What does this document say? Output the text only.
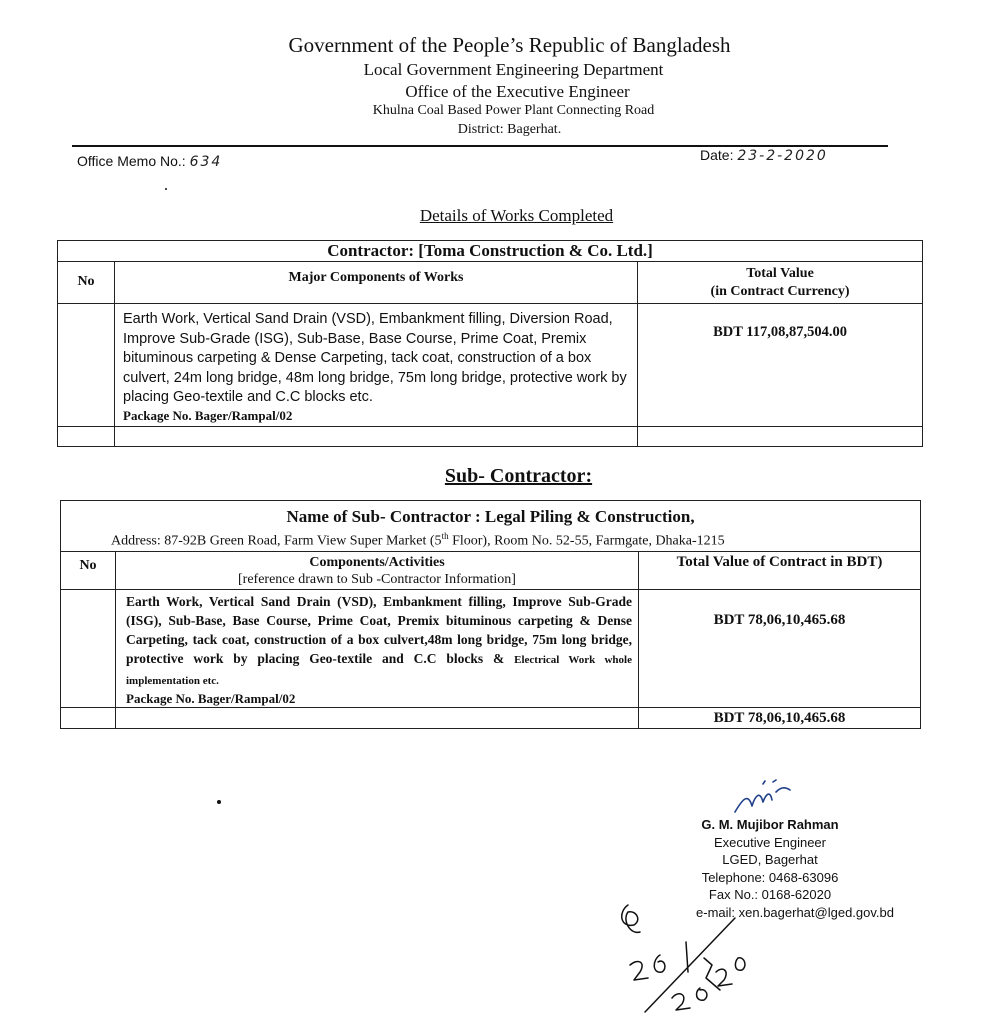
Government of the People’s Republic of Bangladesh
Local Government Engineering Department
Office of the Executive Engineer
Khulna Coal Based Power Plant Connecting Road
District: Bagerhat.
Office Memo No.: 634	Date: 23-2-2020
Details of Works Completed
Contractor: [Toma Construction & Co. Ltd.]		
No	Major Components of Works	Total Value
(in Contract Currency)

	Earth Work, Vertical Sand Drain (VSD), Embankment filling, Diversion Road, Improve Sub-Grade (ISG), Sub-Base, Base Course, Prime Coat, Premix bituminous carpeting & Dense Carpeting, tack coat, construction of a box culvert, 24m long bridge, 48m long bridge, 75m long bridge, protective work by placing Geo-textile and C.C blocks etc.
Package No. Bager/Rampal/02	BDT 117,08,87,504.00

Sub- Contractor:
Name of Sub- Contractor : Legal Piling & Construction,
Address: 87-92B Green Road, Farm View Super Market (5th Floor), Room No. 52-55, Farmgate, Dhaka-1215		

No	Components/Activities
[reference drawn to Sub -Contractor Information]	Total Value of Contract in BDT)
	Earth Work, Vertical Sand Drain (VSD), Embankment filling, Improve Sub-Grade (ISG), Sub-Base, Base Course, Prime Coat, Premix bituminous carpeting & Dense Carpeting, tack coat, construction of a box culvert,48m long bridge, 75m long bridge, protective work by placing Geo-textile and C.C blocks & Electrical Work whole implementation etc.
Package No. Bager/Rampal/02	BDT 78,06,10,465.68
		BDT 78,06,10,465.68
G. M. Mujibor Rahman
Executive Engineer
LGED, Bagerhat
Telephone: 0468-63096
Fax No.: 0168-62020
e-mail: xen.bagerhat@lged.gov.bd
